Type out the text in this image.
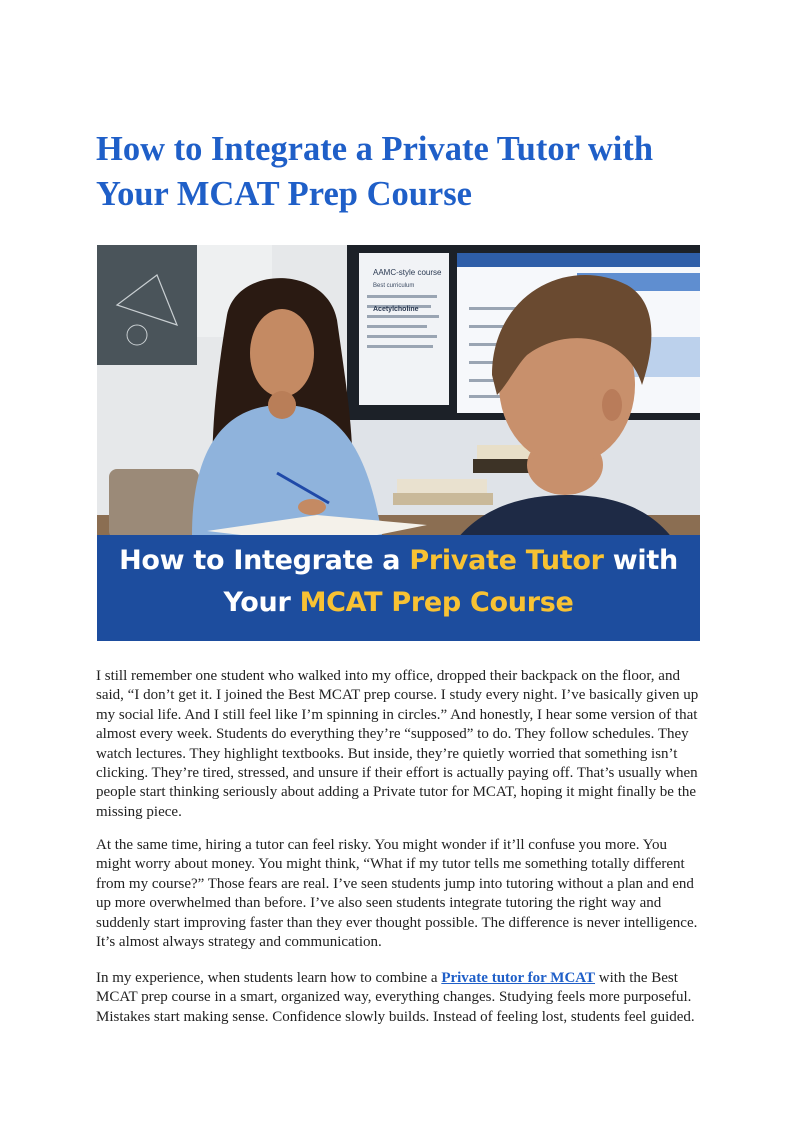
How to Integrate a Private Tutor with Your MCAT Prep Course
AAMC-style course
Best curriculum
Acetylcholine
How to Integrate a Private Tutor with
Your MCAT Prep Course

I still remember one student who walked into my office, dropped their backpack on the floor, and said, “I don’t get it. I joined the Best MCAT prep course. I study every night. I’ve basically given up my social life. And I still feel like I’m spinning in circles.” And honestly, I hear some version of that almost every week. Students do everything they’re “supposed” to do. They follow schedules. They watch lectures. They highlight textbooks. But inside, they’re quietly worried that something isn’t clicking. They’re tired, stressed, and unsure if their effort is actually paying off. That’s usually when people start thinking seriously about adding a Private tutor for MCAT, hoping it might finally be the missing piece.

At the same time, hiring a tutor can feel risky. You might wonder if it’ll confuse you more. You might worry about money. You might think, “What if my tutor tells me something totally different from my course?” Those fears are real. I’ve seen students jump into tutoring without a plan and end up more overwhelmed than before. I’ve also seen students integrate tutoring the right way and suddenly start improving faster than they ever thought possible. The difference is never intelligence. It’s almost always strategy and communication.

In my experience, when students learn how to combine a Private tutor for MCAT with the Best MCAT prep course in a smart, organized way, everything changes. Studying feels more purposeful. Mistakes start making sense. Confidence slowly builds. Instead of feeling lost, students feel guided.
